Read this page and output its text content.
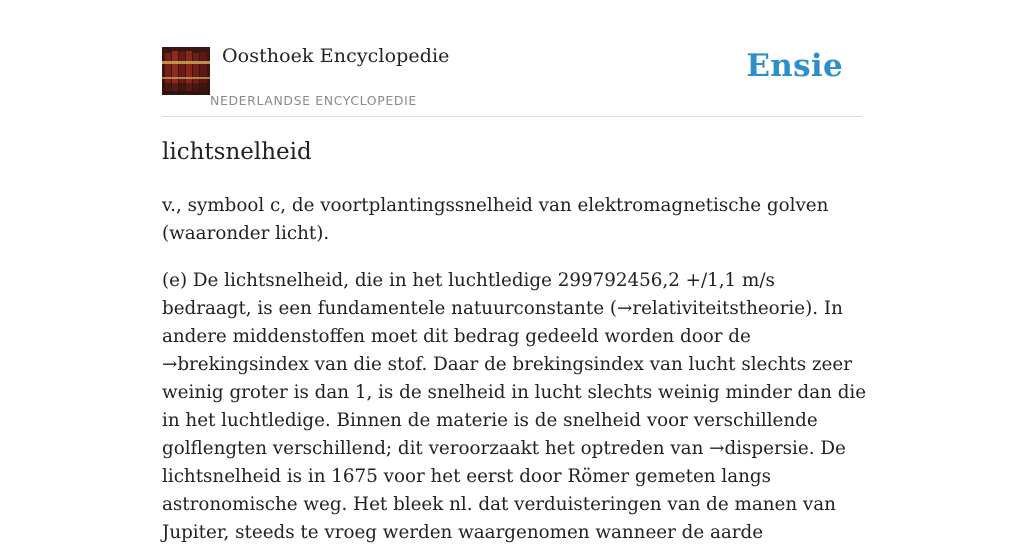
Oosthoek Encyclopedie
NEDERLANDSE ENCYCLOPEDIE
Ensie
lichtsnelheid

v., symbool c, de voortplantingssnelheid van elektromagnetische golven (waaronder licht).

(e) De lichtsnelheid, die in het luchtledige 299792456,2 +/1,1 m/s bedraagt, is een fundamentele natuurconstante (→relativiteitstheorie). In andere middenstoffen moet dit bedrag gedeeld worden door de →brekingsindex van die stof. Daar de brekingsindex van lucht slechts zeer weinig groter is dan 1, is de snelheid in lucht slechts weinig minder dan die in het luchtledige. Binnen de materie is de snelheid voor verschillende golflengten verschillend; dit veroorzaakt het optreden van →dispersie. De lichtsnelheid is in 1675 voor het eerst door Römer gemeten langs astronomische weg. Het bleek nl. dat verduisteringen van de manen van Jupiter, steeds te vroeg werden waargenomen wanneer de aarde
